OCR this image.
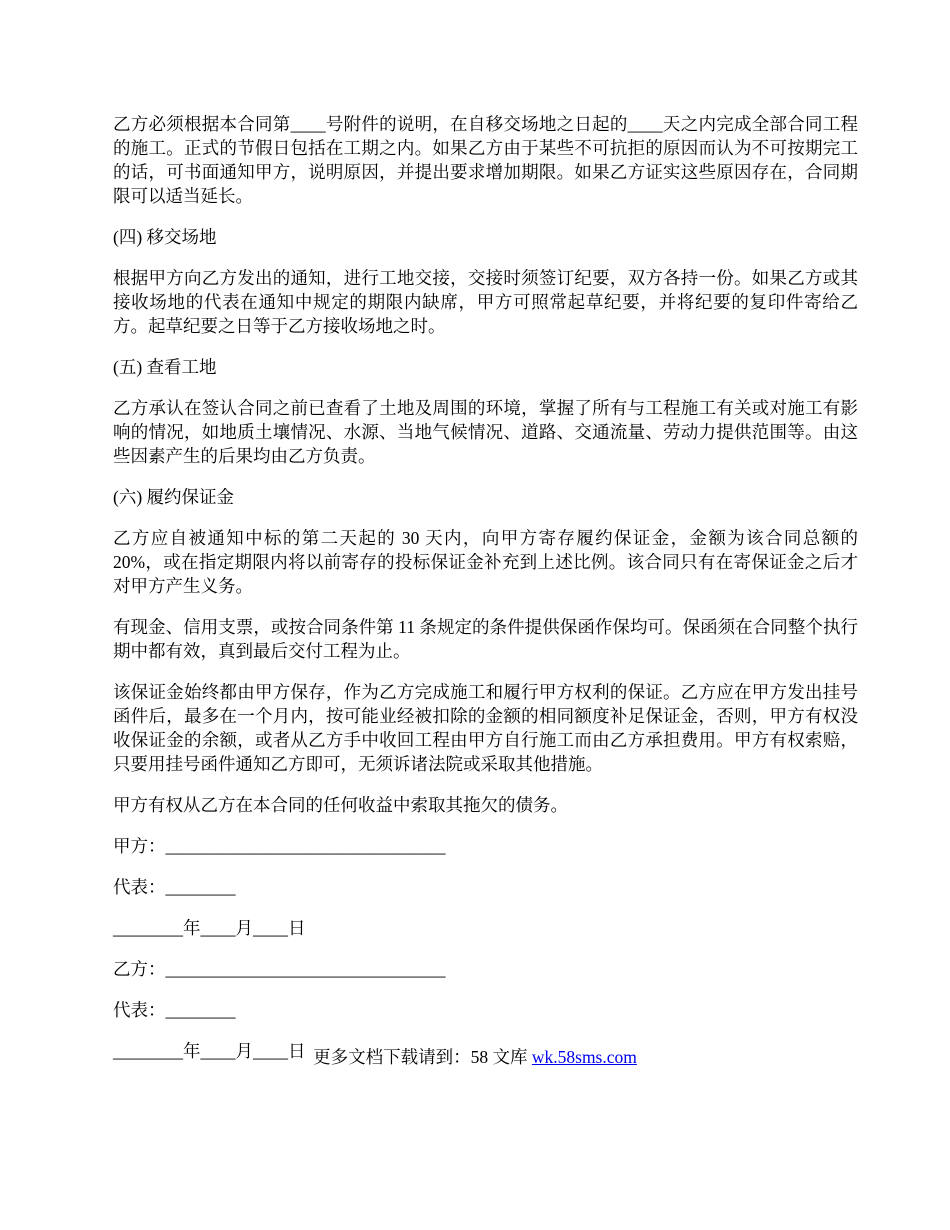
乙方必须根据本合同第____号附件的说明，在自移交场地之日起的____天之内完成全部合同工程的施工。正式的节假日包括在工期之内。如果乙方由于某些不可抗拒的原因而认为不可按期完工的话，可书面通知甲方，说明原因，并提出要求增加期限。如果乙方证实这些原因存在，合同期限可以适当延长。

(四) 移交场地

根据甲方向乙方发出的通知，进行工地交接，交接时须签订纪要，双方各持一份。如果乙方或其接收场地的代表在通知中规定的期限内缺席，甲方可照常起草纪要，并将纪要的复印件寄给乙方。起草纪要之日等于乙方接收场地之时。

(五) 查看工地

乙方承认在签认合同之前已查看了土地及周围的环境，掌握了所有与工程施工有关或对施工有影响的情况，如地质土壤情况、水源、当地气候情况、道路、交通流量、劳动力提供范围等。由这些因素产生的后果均由乙方负责。

(六) 履约保证金

乙方应自被通知中标的第二天起的 30 天内，向甲方寄存履约保证金，金额为该合同总额的 20%，或在指定期限内将以前寄存的投标保证金补充到上述比例。该合同只有在寄保证金之后才对甲方产生义务。

有现金、信用支票，或按合同条件第 11 条规定的条件提供保函作保均可。保函须在合同整个执行期中都有效，真到最后交付工程为止。

该保证金始终都由甲方保存，作为乙方完成施工和履行甲方权利的保证。乙方应在甲方发出挂号函件后，最多在一个月内，按可能业经被扣除的金额的相同额度补足保证金，否则，甲方有权没收保证金的余额，或者从乙方手中收回工程由甲方自行施工而由乙方承担费用。甲方有权索赔，只要用挂号函件通知乙方即可，无须诉诸法院或采取其他措施。

甲方有权从乙方在本合同的任何收益中索取其拖欠的债务。

甲方：________________________________
代表：________
________年____月____日
乙方：________________________________
代表：________
________年____月____日 更多文档下载请到：58 文库 wk.58sms.com
